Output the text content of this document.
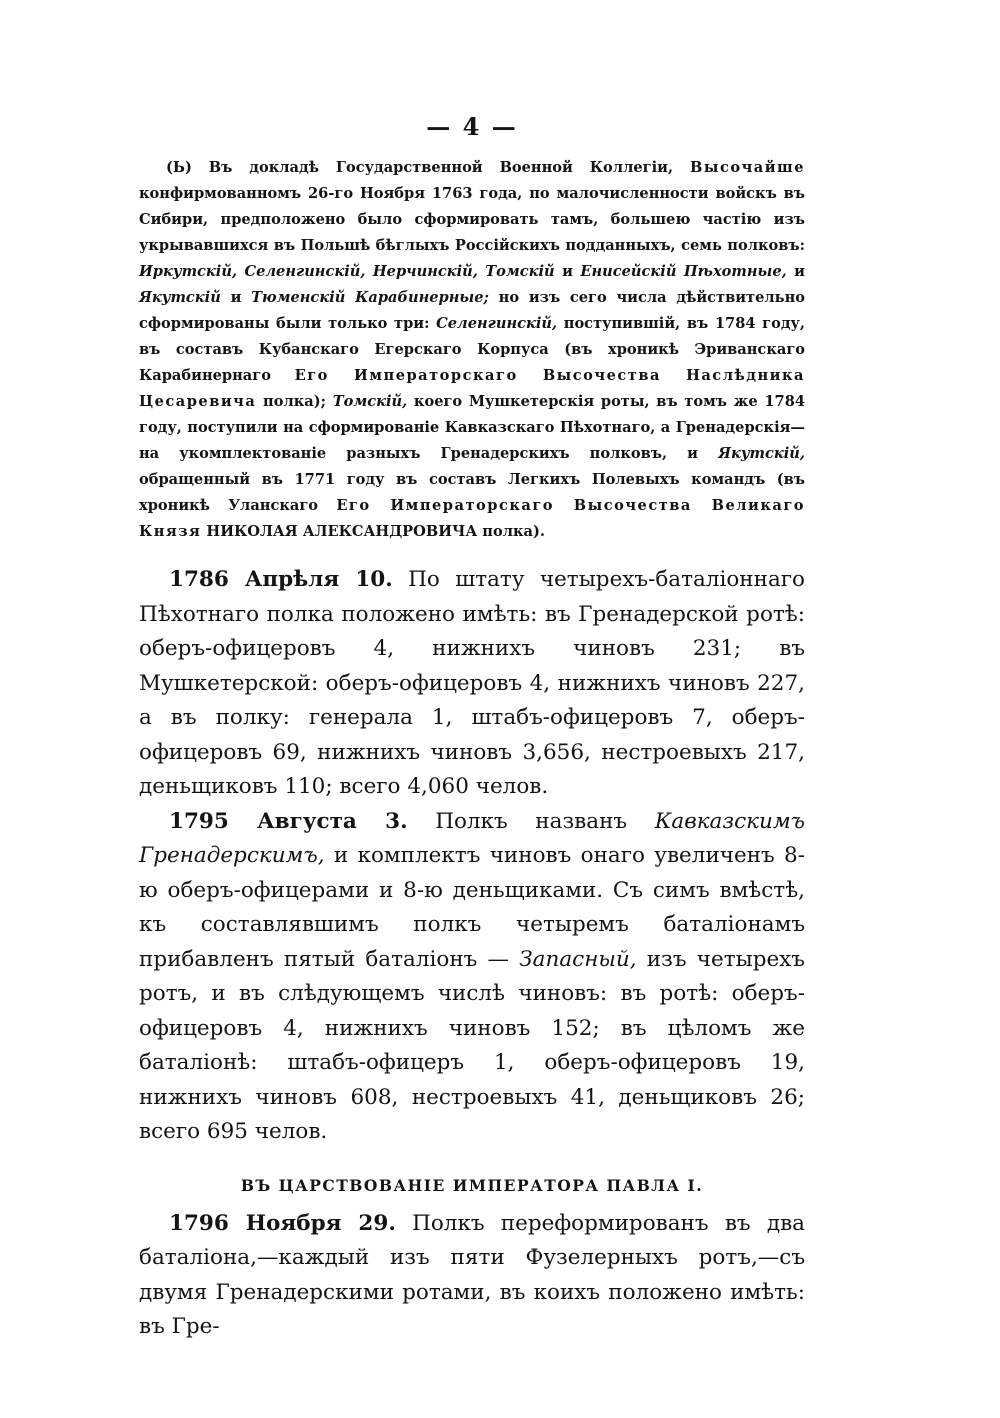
— 4 —

(Ь) Въ докладѣ Государственной Военной Коллегіи, Высочайше конфирмованномъ 26-го Ноября 1763 года, по малочисленности войскъ въ Сибири, предположено было сформировать тамъ, большею частію изъ укрывавшихся въ Польшѣ бѣглыхъ Россійскихъ подданныхъ, семь полковъ: Иркутскій, Селенгинскій, Нерчинскій, Томскій и Енисейскій Пѣхотные, и Якутскій и Тюменскій Карабинерные; но изъ сего числа дѣйствительно сформированы были только три: Селенгинскій, поступившій, въ 1784 году, въ составъ Кубанскаго Егерскаго Корпуса (въ хроникѣ Эриванскаго Карабинернаго Его Императорскаго Высочества Наслѣдника Цесаревича полка); Томскій, коего Мушкетерскія роты, въ томъ же 1784 году, поступили на сформированіе Кавказскаго Пѣхотнаго, а Гренадерскія—на укомплектованіе разныхъ Гренадерскихъ полковъ, и Якутскій, обращенный въ 1771 году въ составъ Легкихъ Полевыхъ командъ (въ хроникѣ Уланскаго Его Императорскаго Высочества Великаго Князя НИКОЛАЯ АЛЕКСАНДРОВИЧА полка).

1786 Апрѣля 10. По штату четырехъ-баталіоннаго Пѣхотнаго полка положено имѣть: въ Гренадерской ротѣ: оберъ-офицеровъ 4, нижнихъ чиновъ 231; въ Мушкетерской: оберъ-офицеровъ 4, нижнихъ чиновъ 227, а въ полку: генерала 1, штабъ-офицеровъ 7, оберъ-офицеровъ 69, нижнихъ чиновъ 3,656, нестроевыхъ 217, деньщиковъ 110; всего 4,060 челов.

1795 Августа 3. Полкъ названъ Кавказскимъ Гренадерскимъ, и комплектъ чиновъ онаго увеличенъ 8-ю оберъ-офицерами и 8-ю деньщиками. Съ симъ вмѣстѣ, къ составлявшимъ полкъ четыремъ баталіонамъ прибавленъ пятый баталіонъ — Запасный, изъ четырехъ ротъ, и въ слѣдующемъ числѣ чиновъ: въ ротѣ: оберъ-офицеровъ 4, нижнихъ чиновъ 152; въ цѣломъ же баталіонѣ: штабъ-офицеръ 1, оберъ-офицеровъ 19, нижнихъ чиновъ 608, нестроевыхъ 41, деньщиковъ 26; всего 695 челов.

ВЪ ЦАРСТВОВАНІЕ ИМПЕРАТОРА ПАВЛА I.

1796 Ноября 29. Полкъ переформированъ въ два баталіона,—каждый изъ пяти Фузелерныхъ ротъ,—съ двумя Гренадерскими ротами, въ коихъ положено имѣть: въ Гре-
